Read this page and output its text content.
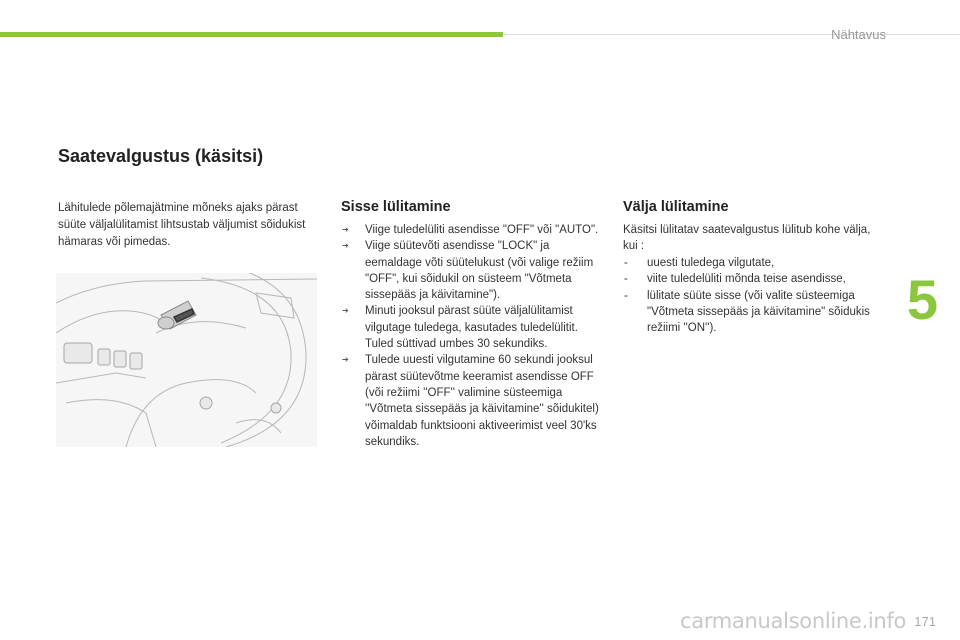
Nähtavus
5
Saatevalgustus (käsitsi)

Lähitulede põlemajätmine mõneks ajaks pärast süüte väljalülitamist lihtsustab väljumist sõidukist hämaras või pimedas.

Sisse lülitamine
➔ Viige tuledelüliti asendisse "OFF" või "AUTO".
➔ Viige süütevõti asendisse "LOCK" ja eemaldage võti süütelukust (või valige režiim "OFF", kui sõidukil on süsteem "Võtmeta sissepääs ja käivitamine").
➔ Minuti jooksul pärast süüte väljalülitamist vilgutage tuledega, kasutades tuledelülitit. Tuled süttivad umbes 30 sekundiks.
➔ Tulede uuesti vilgutamine 60 sekundi jooksul pärast süütevõtme keeramist asendisse OFF (või režiimi ''OFF'' valimine süsteemiga ''Võtmeta sissepääs ja käivitamine'' sõidukitel) võimaldab funktsiooni aktiveerimist veel 30'ks sekundiks.
Välja lülitamine

Käsitsi lülitatav saatevalgustus lülitub kohe välja, kui :

- uuesti tuledega vilgutate,
- viite tuledelüliti mõnda teise asendisse,
- lülitate süüte sisse (või valite süsteemiga "Võtmeta sissepääs ja käivitamine" sõidukis režiimi ''ON'').
171
carmanualsonline.info
